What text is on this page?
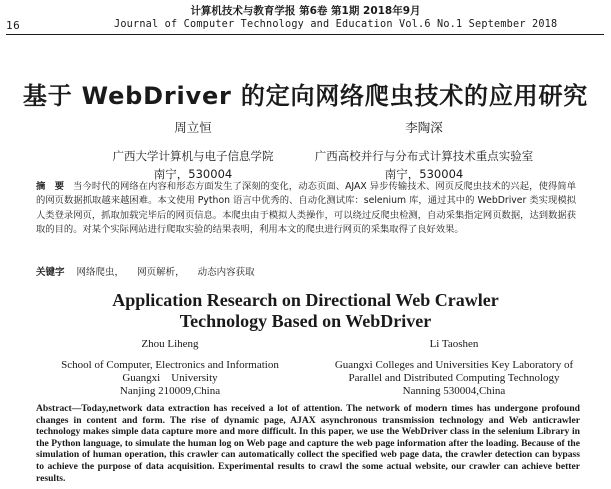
计算机技术与教育学报 第6卷 第1期 2018年9月
16	Journal of Computer Technology and Education Vol.6 No.1 September 2018
基于 WebDriver 的定向网络爬虫技术的应用研究
周立恒
广西大学计算机与电子信息学院
南宁，530004
李陶深
广西高校并行与分布式计算技术重点实验室
南宁，530004
摘　要 当今时代的网络在内容和形态方面发生了深刻的变化，动态页面、AJAX 异步传输技术、网页反爬虫技术的兴起，使得简单的网页数据抓取越来越困难。本文使用 Python 语言中优秀的、自动化测试库：selenium 库，通过其中的 WebDriver 类实现模拟人类登录网页，抓取加载完毕后的网页信息。本爬虫由于模拟人类操作，可以绕过反爬虫检测，自动采集指定网页数据，达到数据获取的目的。对某个实际网站进行爬取实验的结果表明，利用本文的爬虫进行网页的采集取得了良好效果。
关键字 网络爬虫， 网页解析， 动态内容获取
Application Research on Directional Web Crawler
Technology Based on WebDriver
Zhou Liheng
School of Computer, Electronics and Information
Guangxi　University
Nanjing 210009,China
Li Taoshen
Guangxi Colleges and Universities Key Laboratory of
Parallel and Distributed Computing Technology
Nanning 530004,China
Abstract—Today,network data extraction has received a lot of attention. The network of modern times has undergone profound changes in content and form. The rise of dynamic page, AJAX asynchronous transmission technology and Web anticrawler technology makes simple data capture more and more difficult. In this paper, we use the WebDriver class in the selenium Library in the Python language, to simulate the human log on Web page and capture the web page information after the loading. Because of the simulation of human operation, this crawler can automatically collect the specified web page data, the crawler detection can bypass to achieve the purpose of data acquisition. Experimental results to crawl the some actual website, our crawler can achieve better results.
